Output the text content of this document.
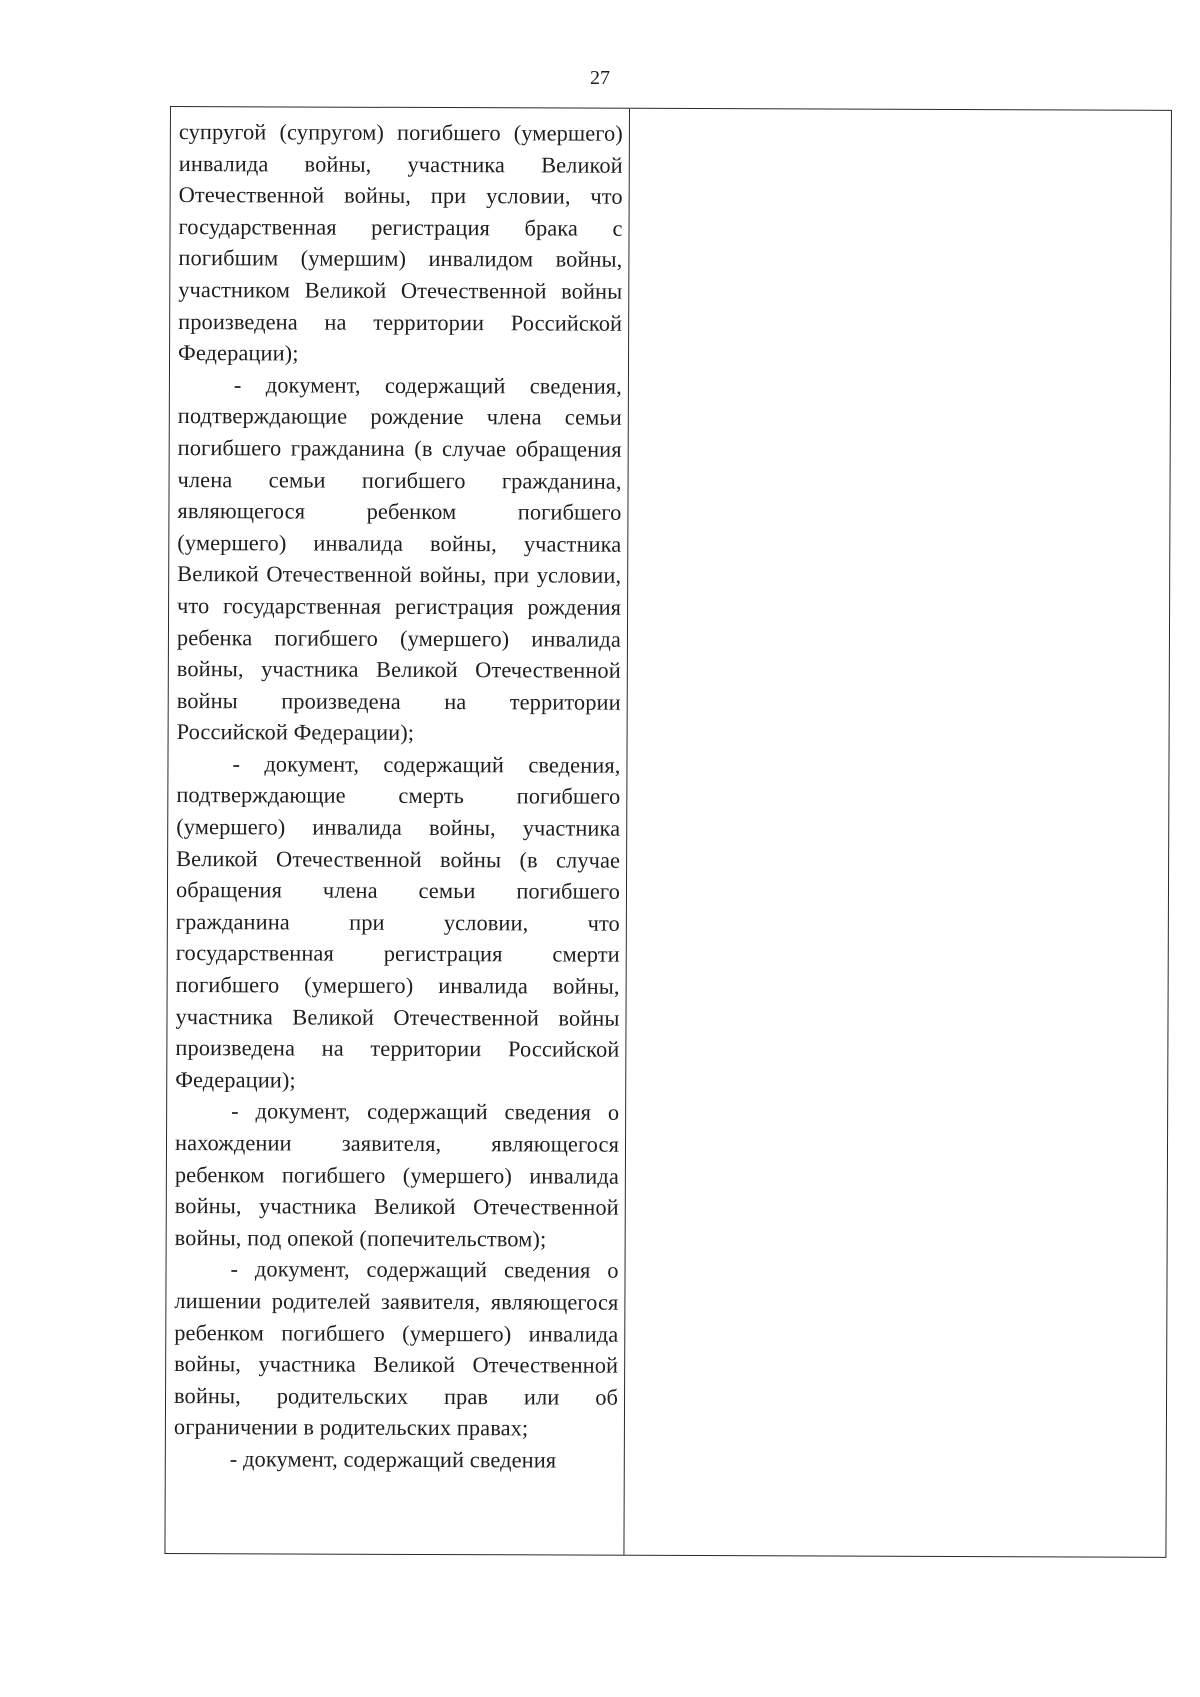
27

супругой (супругом) погибшего (умершего) инвалида войны, участника Великой Отечественной войны, при условии, что государственная регистрация брака с погибшим (умершим) инвалидом войны, участником Великой Отечественной войны произведена на территории Российской Федерации);

- документ, содержащий сведения, подтверждающие рождение члена семьи погибшего гражданина (в случае обращения члена семьи погибшего гражданина, являющегося ребенком погибшего (умершего) инвалида войны, участника Великой Отечественной войны, при условии, что государственная регистрация рождения ребенка погибшего (умершего) инвалида войны, участника Великой Отечественной войны произведена на территории Российской Федерации);

- документ, содержащий сведения, подтверждающие смерть погибшего (умершего) инвалида войны, участника Великой Отечественной войны (в случае обращения члена семьи погибшего гражданина при условии, что государственная регистрация смерти погибшего (умершего) инвалида войны, участника Великой Отечественной войны произведена на территории Российской Федерации);

- документ, содержащий сведения о нахождении заявителя, являющегося ребенком погибшего (умершего) инвалида войны, участника Великой Отечественной войны, под опекой (попечительством);

- документ, содержащий сведения о лишении родителей заявителя, являющегося ребенком погибшего (умершего) инвалида войны, участника Великой Отечественной войны, родительских прав или об ограничении в родительских правах;

- документ, содержащий сведения
